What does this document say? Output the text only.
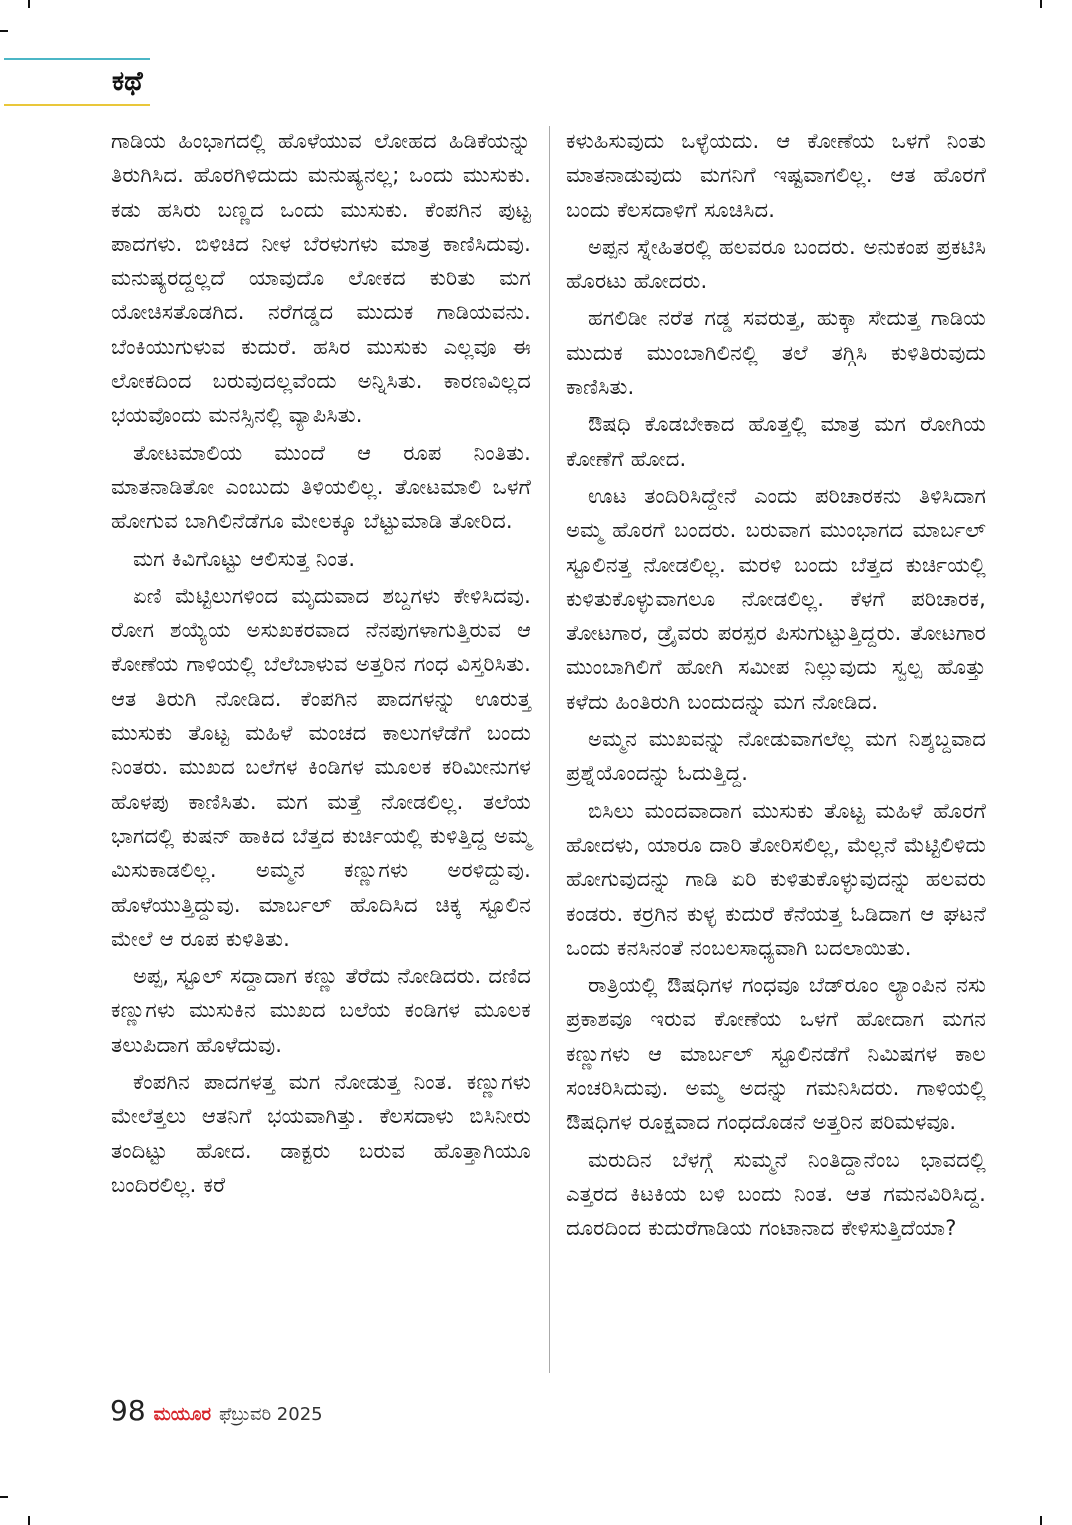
ಕಥೆ

ಗಾಡಿಯ ಹಿಂಭಾಗದಲ್ಲಿ ಹೊಳೆಯುವ ಲೋಹದ ಹಿಡಿಕೆಯನ್ನು ತಿರುಗಿಸಿದ. ಹೊರಗಿಳಿದುದು ಮನುಷ್ಯನಲ್ಲ; ಒಂದು ಮುಸುಕು. ಕಡು ಹಸಿರು ಬಣ್ಣದ ಒಂದು ಮುಸುಕು. ಕೆಂಪಗಿನ ಪುಟ್ಟ ಪಾದಗಳು. ಬಿಳಿಚಿದ ನೀಳ ಬೆರಳುಗಳು ಮಾತ್ರ ಕಾಣಿಸಿದುವು. ಮನುಷ್ಯರದ್ದಲ್ಲದೆ ಯಾವುದೊ ಲೋಕದ ಕುರಿತು ಮಗ ಯೋಚಿಸತೊಡಗಿದ. ನರೆಗಡ್ಡದ ಮುದುಕ ಗಾಡಿಯವನು. ಬೆಂಕಿಯುಗುಳುವ ಕುದುರೆ. ಹಸಿರ ಮುಸುಕು ಎಲ್ಲವೂ ಈ ಲೋಕದಿಂದ ಬರುವುದಲ್ಲವೆಂದು ಅನ್ನಿಸಿತು. ಕಾರಣವಿಲ್ಲದ ಭಯವೊಂದು ಮನಸ್ಸಿನಲ್ಲಿ ವ್ಯಾಪಿಸಿತು.

ತೋಟಮಾಲಿಯ ಮುಂದೆ ಆ ರೂಪ ನಿಂತಿತು. ಮಾತನಾಡಿತೋ ಎಂಬುದು ತಿಳಿಯಲಿಲ್ಲ. ತೋಟಮಾಲಿ ಒಳಗೆ ಹೋಗುವ ಬಾಗಿಲಿನೆಡೆಗೂ ಮೇಲಕ್ಕೂ ಬೆಟ್ಟುಮಾಡಿ ತೋರಿದ.

ಮಗ ಕಿವಿಗೊಟ್ಟು ಆಲಿಸುತ್ತ ನಿಂತ.

ಏಣಿ ಮೆಟ್ಟಿಲುಗಳಿಂದ ಮೃದುವಾದ ಶಬ್ದಗಳು ಕೇಳಿಸಿದವು. ರೋಗ ಶಯ್ಯೆಯ ಅಸುಖಕರವಾದ ನೆನಪುಗಳಾಗುತ್ತಿರುವ ಆ ಕೋಣೆಯ ಗಾಳಿಯಲ್ಲಿ ಬೆಲೆಬಾಳುವ ಅತ್ತರಿನ ಗಂಧ ವಿಸ್ತರಿಸಿತು. ಆತ ತಿರುಗಿ ನೋಡಿದ. ಕೆಂಪಗಿನ ಪಾದಗಳನ್ನು ಊರುತ್ತ ಮುಸುಕು ತೊಟ್ಟ ಮಹಿಳೆ ಮಂಚದ ಕಾಲುಗಳೆಡೆಗೆ ಬಂದು ನಿಂತರು. ಮುಖದ ಬಲೆಗಳ ಕಿಂಡಿಗಳ ಮೂಲಕ ಕರಿಮೀನುಗಳ ಹೊಳಪು ಕಾಣಿಸಿತು. ಮಗ ಮತ್ತೆ ನೋಡಲಿಲ್ಲ. ತಲೆಯ ಭಾಗದಲ್ಲಿ ಕುಷನ್ ಹಾಕಿದ ಬೆತ್ತದ ಕುರ್ಚಿಯಲ್ಲಿ ಕುಳಿತ್ತಿದ್ದ ಅಮ್ಮ ಮಿಸುಕಾಡಲಿಲ್ಲ. ಅಮ್ಮನ ಕಣ್ಣುಗಳು ಅರಳಿದ್ದುವು. ಹೊಳೆಯುತ್ತಿದ್ದುವು. ಮಾರ್ಬಲ್ ಹೊದಿಸಿದ ಚಿಕ್ಕ ಸ್ಟೂಲಿನ ಮೇಲೆ ಆ ರೂಪ ಕುಳಿತಿತು.

ಅಪ್ಪ, ಸ್ಟೂಲ್ ಸದ್ದಾದಾಗ ಕಣ್ಣು ತೆರೆದು ನೋಡಿದರು. ದಣಿದ ಕಣ್ಣುಗಳು ಮುಸುಕಿನ ಮುಖದ ಬಲೆಯ ಕಂಡಿಗಳ ಮೂಲಕ ತಲುಪಿದಾಗ ಹೊಳೆದುವು.

ಕೆಂಪಗಿನ ಪಾದಗಳತ್ತ ಮಗ ನೋಡುತ್ತ ನಿಂತ. ಕಣ್ಣುಗಳು ಮೇಲೆತ್ತಲು ಆತನಿಗೆ ಭಯವಾಗಿತ್ತು. ಕೆಲಸದಾಳು ಬಿಸಿನೀರು ತಂದಿಟ್ಟು ಹೋದ. ಡಾಕ್ಟರು ಬರುವ ಹೊತ್ತಾಗಿಯೂ ಬಂದಿರಲಿಲ್ಲ. ಕರೆ

ಕಳುಹಿಸುವುದು ಒಳ್ಳೆಯದು. ಆ ಕೋಣೆಯ ಒಳಗೆ ನಿಂತು ಮಾತನಾಡುವುದು ಮಗನಿಗೆ ಇಷ್ಟವಾಗಲಿಲ್ಲ. ಆತ ಹೊರಗೆ ಬಂದು ಕೆಲಸದಾಳಿಗೆ ಸೂಚಿಸಿದ.

ಅಪ್ಪನ ಸ್ನೇಹಿತರಲ್ಲಿ ಹಲವರೂ ಬಂದರು. ಅನುಕಂಪ ಪ್ರಕಟಿಸಿ ಹೊರಟು ಹೋದರು.

ಹಗಲಿಡೀ ನರೆತ ಗಡ್ಡ ಸವರುತ್ತ, ಹುಕ್ಕಾ ಸೇದುತ್ತ ಗಾಡಿಯ ಮುದುಕ ಮುಂಬಾಗಿಲಿನಲ್ಲಿ ತಲೆ ತಗ್ಗಿಸಿ ಕುಳಿತಿರುವುದು ಕಾಣಿಸಿತು.

ಔಷಧಿ ಕೊಡಬೇಕಾದ ಹೊತ್ತಲ್ಲಿ ಮಾತ್ರ ಮಗ ರೋಗಿಯ ಕೋಣೆಗೆ ಹೋದ.

ಊಟ ತಂದಿರಿಸಿದ್ದೇನೆ ಎಂದು ಪರಿಚಾರಕನು ತಿಳಿಸಿದಾಗ ಅಮ್ಮ ಹೊರಗೆ ಬಂದರು. ಬರುವಾಗ ಮುಂಭಾಗದ ಮಾರ್ಬಲ್ ಸ್ಟೂಲಿನತ್ತ ನೋಡಲಿಲ್ಲ. ಮರಳಿ ಬಂದು ಬೆತ್ತದ ಕುರ್ಚಿಯಲ್ಲಿ ಕುಳಿತುಕೊಳ್ಳುವಾಗಲೂ ನೋಡಲಿಲ್ಲ. ಕೆಳಗೆ ಪರಿಚಾರಕ, ತೋಟಗಾರ, ಡ್ರೈವರು ಪರಸ್ಪರ ಪಿಸುಗುಟ್ಟುತ್ತಿದ್ದರು. ತೋಟಗಾರ ಮುಂಬಾಗಿಲಿಗೆ ಹೋಗಿ ಸಮೀಪ ನಿಲ್ಲುವುದು ಸ್ವಲ್ಪ ಹೊತ್ತು ಕಳೆದು ಹಿಂತಿರುಗಿ ಬಂದುದನ್ನು ಮಗ ನೋಡಿದ.

ಅಮ್ಮನ ಮುಖವನ್ನು ನೋಡುವಾಗಲೆಲ್ಲ ಮಗ ನಿಶ್ಶಬ್ದವಾದ ಪ್ರಶ್ನೆಯೊಂದನ್ನು ಓದುತ್ತಿದ್ದ.

ಬಿಸಿಲು ಮಂದವಾದಾಗ ಮುಸುಕು ತೊಟ್ಟ ಮಹಿಳೆ ಹೊರಗೆ ಹೋದಳು, ಯಾರೂ ದಾರಿ ತೋರಿಸಲಿಲ್ಲ, ಮೆಲ್ಲನೆ ಮೆಟ್ಟಿಲಿಳಿದು ಹೋಗುವುದನ್ನು ಗಾಡಿ ಏರಿ ಕುಳಿತುಕೊಳ್ಳುವುದನ್ನು ಹಲವರು ಕಂಡರು. ಕರ್ರಗಿನ ಕುಳ್ಳ ಕುದುರೆ ಕೆನೆಯತ್ತ ಓಡಿದಾಗ ಆ ಘಟನೆ ಒಂದು ಕನಸಿನಂತೆ ನಂಬಲಸಾಧ್ಯವಾಗಿ ಬದಲಾಯಿತು.

ರಾತ್ರಿಯಲ್ಲಿ ಔಷಧಿಗಳ ಗಂಧವೂ ಬೆಡ್‌ರೂಂ ಲ್ಯಾಂಪಿನ ನಸು ಪ್ರಕಾಶವೂ ಇರುವ ಕೋಣೆಯ ಒಳಗೆ ಹೋದಾಗ ಮಗನ ಕಣ್ಣುಗಳು ಆ ಮಾರ್ಬಲ್ ಸ್ಟೂಲಿನಡೆಗೆ ನಿಮಿಷಗಳ ಕಾಲ ಸಂಚರಿಸಿದುವು. ಅಮ್ಮ ಅದನ್ನು ಗಮನಿಸಿದರು. ಗಾಳಿಯಲ್ಲಿ ಔಷಧಿಗಳ ರೂಕ್ಷವಾದ ಗಂಧದೊಡನೆ ಅತ್ತರಿನ ಪರಿಮಳವೂ.

ಮರುದಿನ ಬೆಳಗ್ಗೆ ಸುಮ್ಮನೆ ನಿಂತಿದ್ದಾನೆಂಬ ಭಾವದಲ್ಲಿ ಎತ್ತರದ ಕಿಟಕಿಯ ಬಳಿ ಬಂದು ನಿಂತ. ಆತ ಗಮನವಿರಿಸಿದ್ದ. ದೂರದಿಂದ ಕುದುರೆಗಾಡಿಯ ಗಂಟಾನಾದ ಕೇಳಿಸುತ್ತಿದೆಯಾ?

98 ಮಯೂರ ಫೆಬ್ರುವರಿ 2025
